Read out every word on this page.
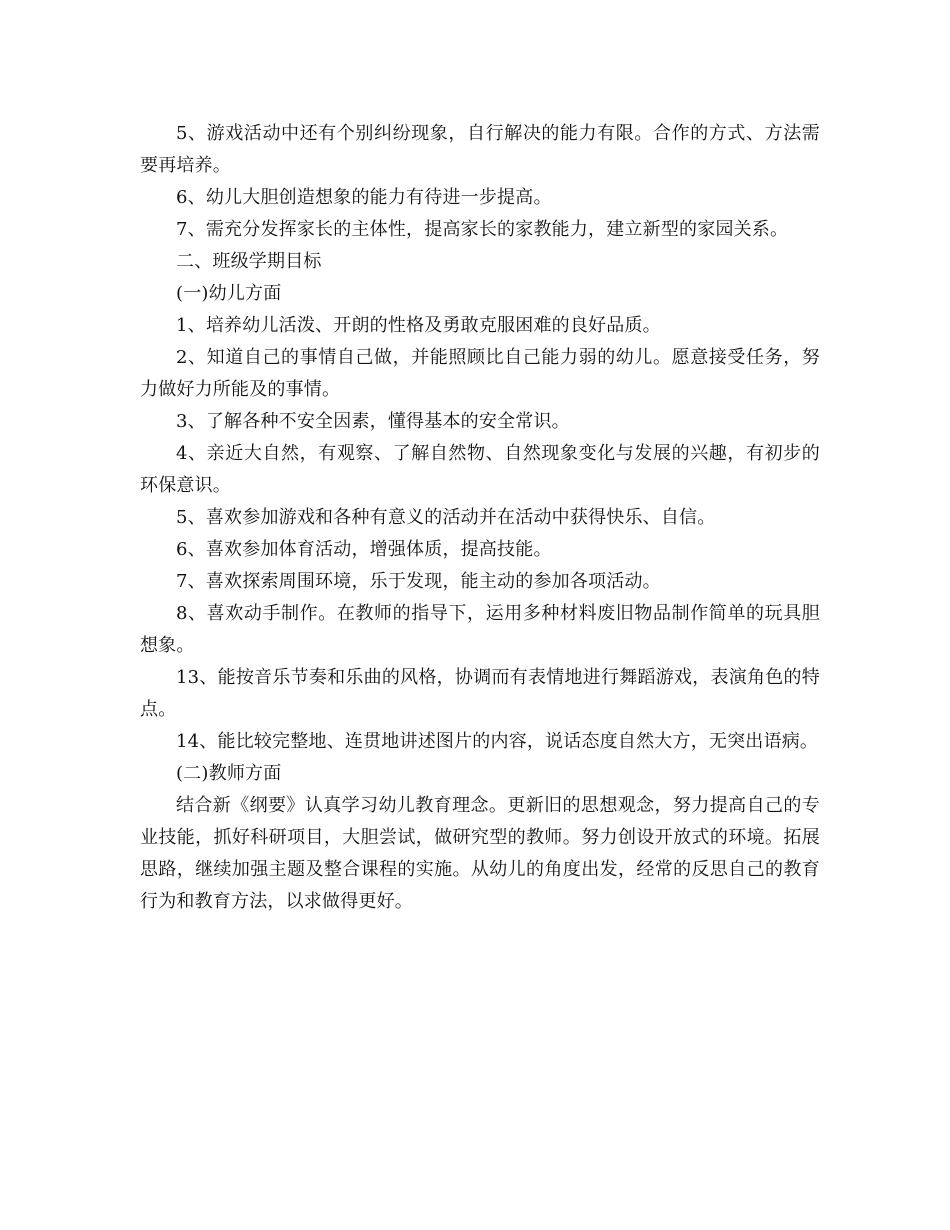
5、游戏活动中还有个别纠纷现象，自行解决的能力有限。合作的方式、方法需要再培养。

6、幼儿大胆创造想象的能力有待进一步提高。

7、需充分发挥家长的主体性，提高家长的家教能力，建立新型的家园关系。

二、班级学期目标

(一)幼儿方面

1、培养幼儿活泼、开朗的性格及勇敢克服困难的良好品质。

2、知道自己的事情自己做，并能照顾比自己能力弱的幼儿。愿意接受任务，努力做好力所能及的事情。

3、了解各种不安全因素，懂得基本的安全常识。

4、亲近大自然，有观察、了解自然物、自然现象变化与发展的兴趣，有初步的环保意识。

5、喜欢参加游戏和各种有意义的活动并在活动中获得快乐、自信。

6、喜欢参加体育活动，增强体质，提高技能。

7、喜欢探索周围环境，乐于发现，能主动的参加各项活动。

8、喜欢动手制作。在教师的指导下，运用多种材料废旧物品制作简单的玩具胆想象。

13、能按音乐节奏和乐曲的风格，协调而有表情地进行舞蹈游戏，表演角色的特点。

14、能比较完整地、连贯地讲述图片的内容，说话态度自然大方，无突出语病。

(二)教师方面

结合新《纲要》认真学习幼儿教育理念。更新旧的思想观念，努力提高自己的专业技能，抓好科研项目，大胆尝试，做研究型的教师。努力创设开放式的环境。拓展思路，继续加强主题及整合课程的实施。从幼儿的角度出发，经常的反思自己的教育行为和教育方法，以求做得更好。
